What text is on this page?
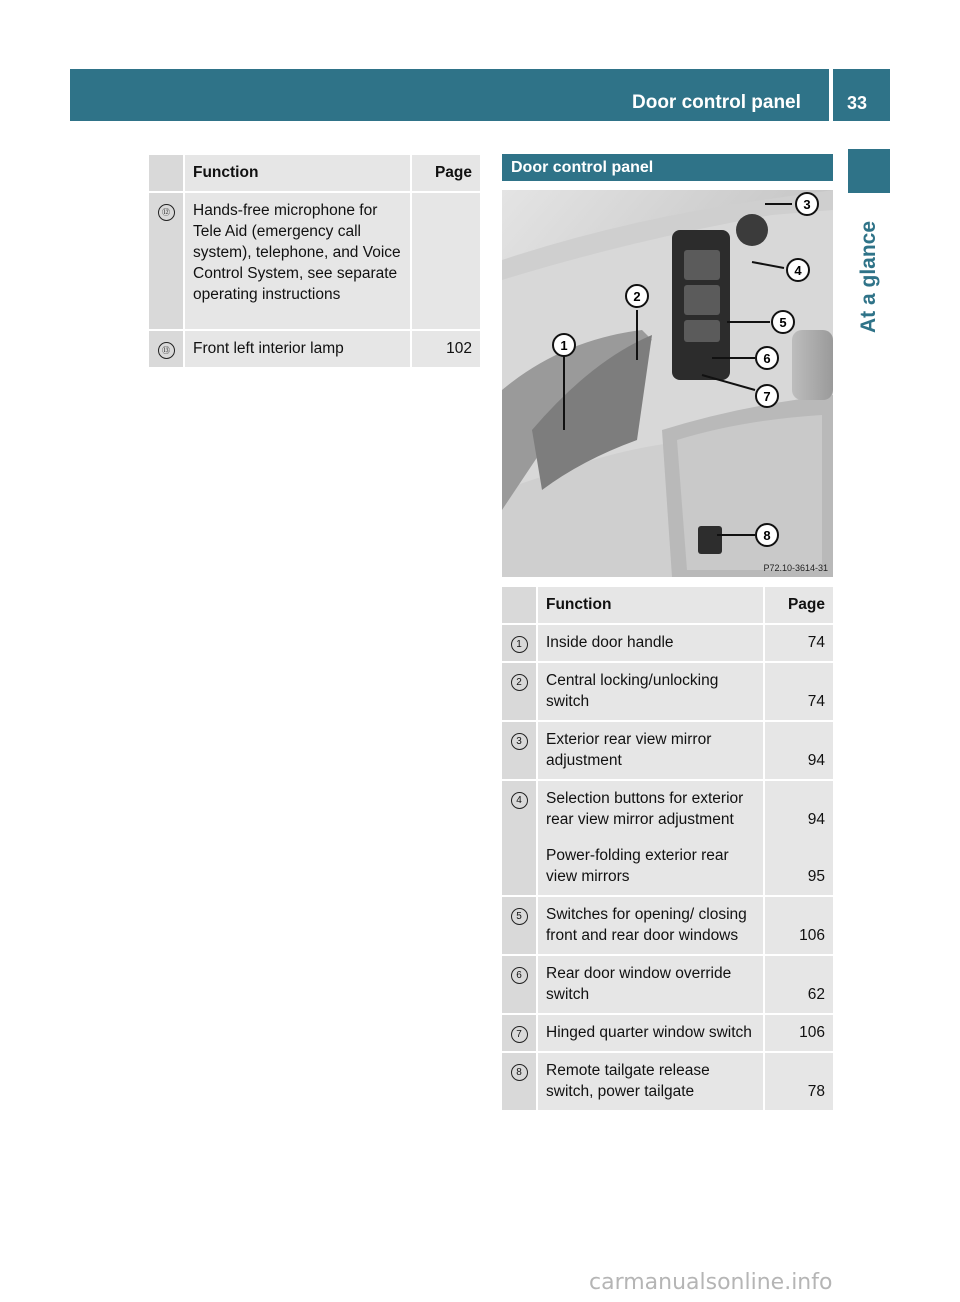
Door control panel	33
At a glance
	Function	Page
⑫	Hands-free microphone for Tele Aid (emergency call system), telephone, and Voice Control System, see separate operating instructions	
⑬	Front left interior lamp	102
Door control panel
1
2
3
4
5
6
7
8
P72.10-3614-31
	Function	Page
1	Inside door handle	74
2	Central locking/unlocking switch	74
3	Exterior rear view mirror adjustment	94
4	Selection buttons for exterior rear view mirror adjustment	94
	Power-folding exterior rear view mirrors	95
5	Switches for opening/ closing front and rear door windows	106
6	Rear door window override switch	62
7	Hinged quarter window switch	106
8	Remote tailgate release switch, power tailgate	78
carmanualsonline.info
